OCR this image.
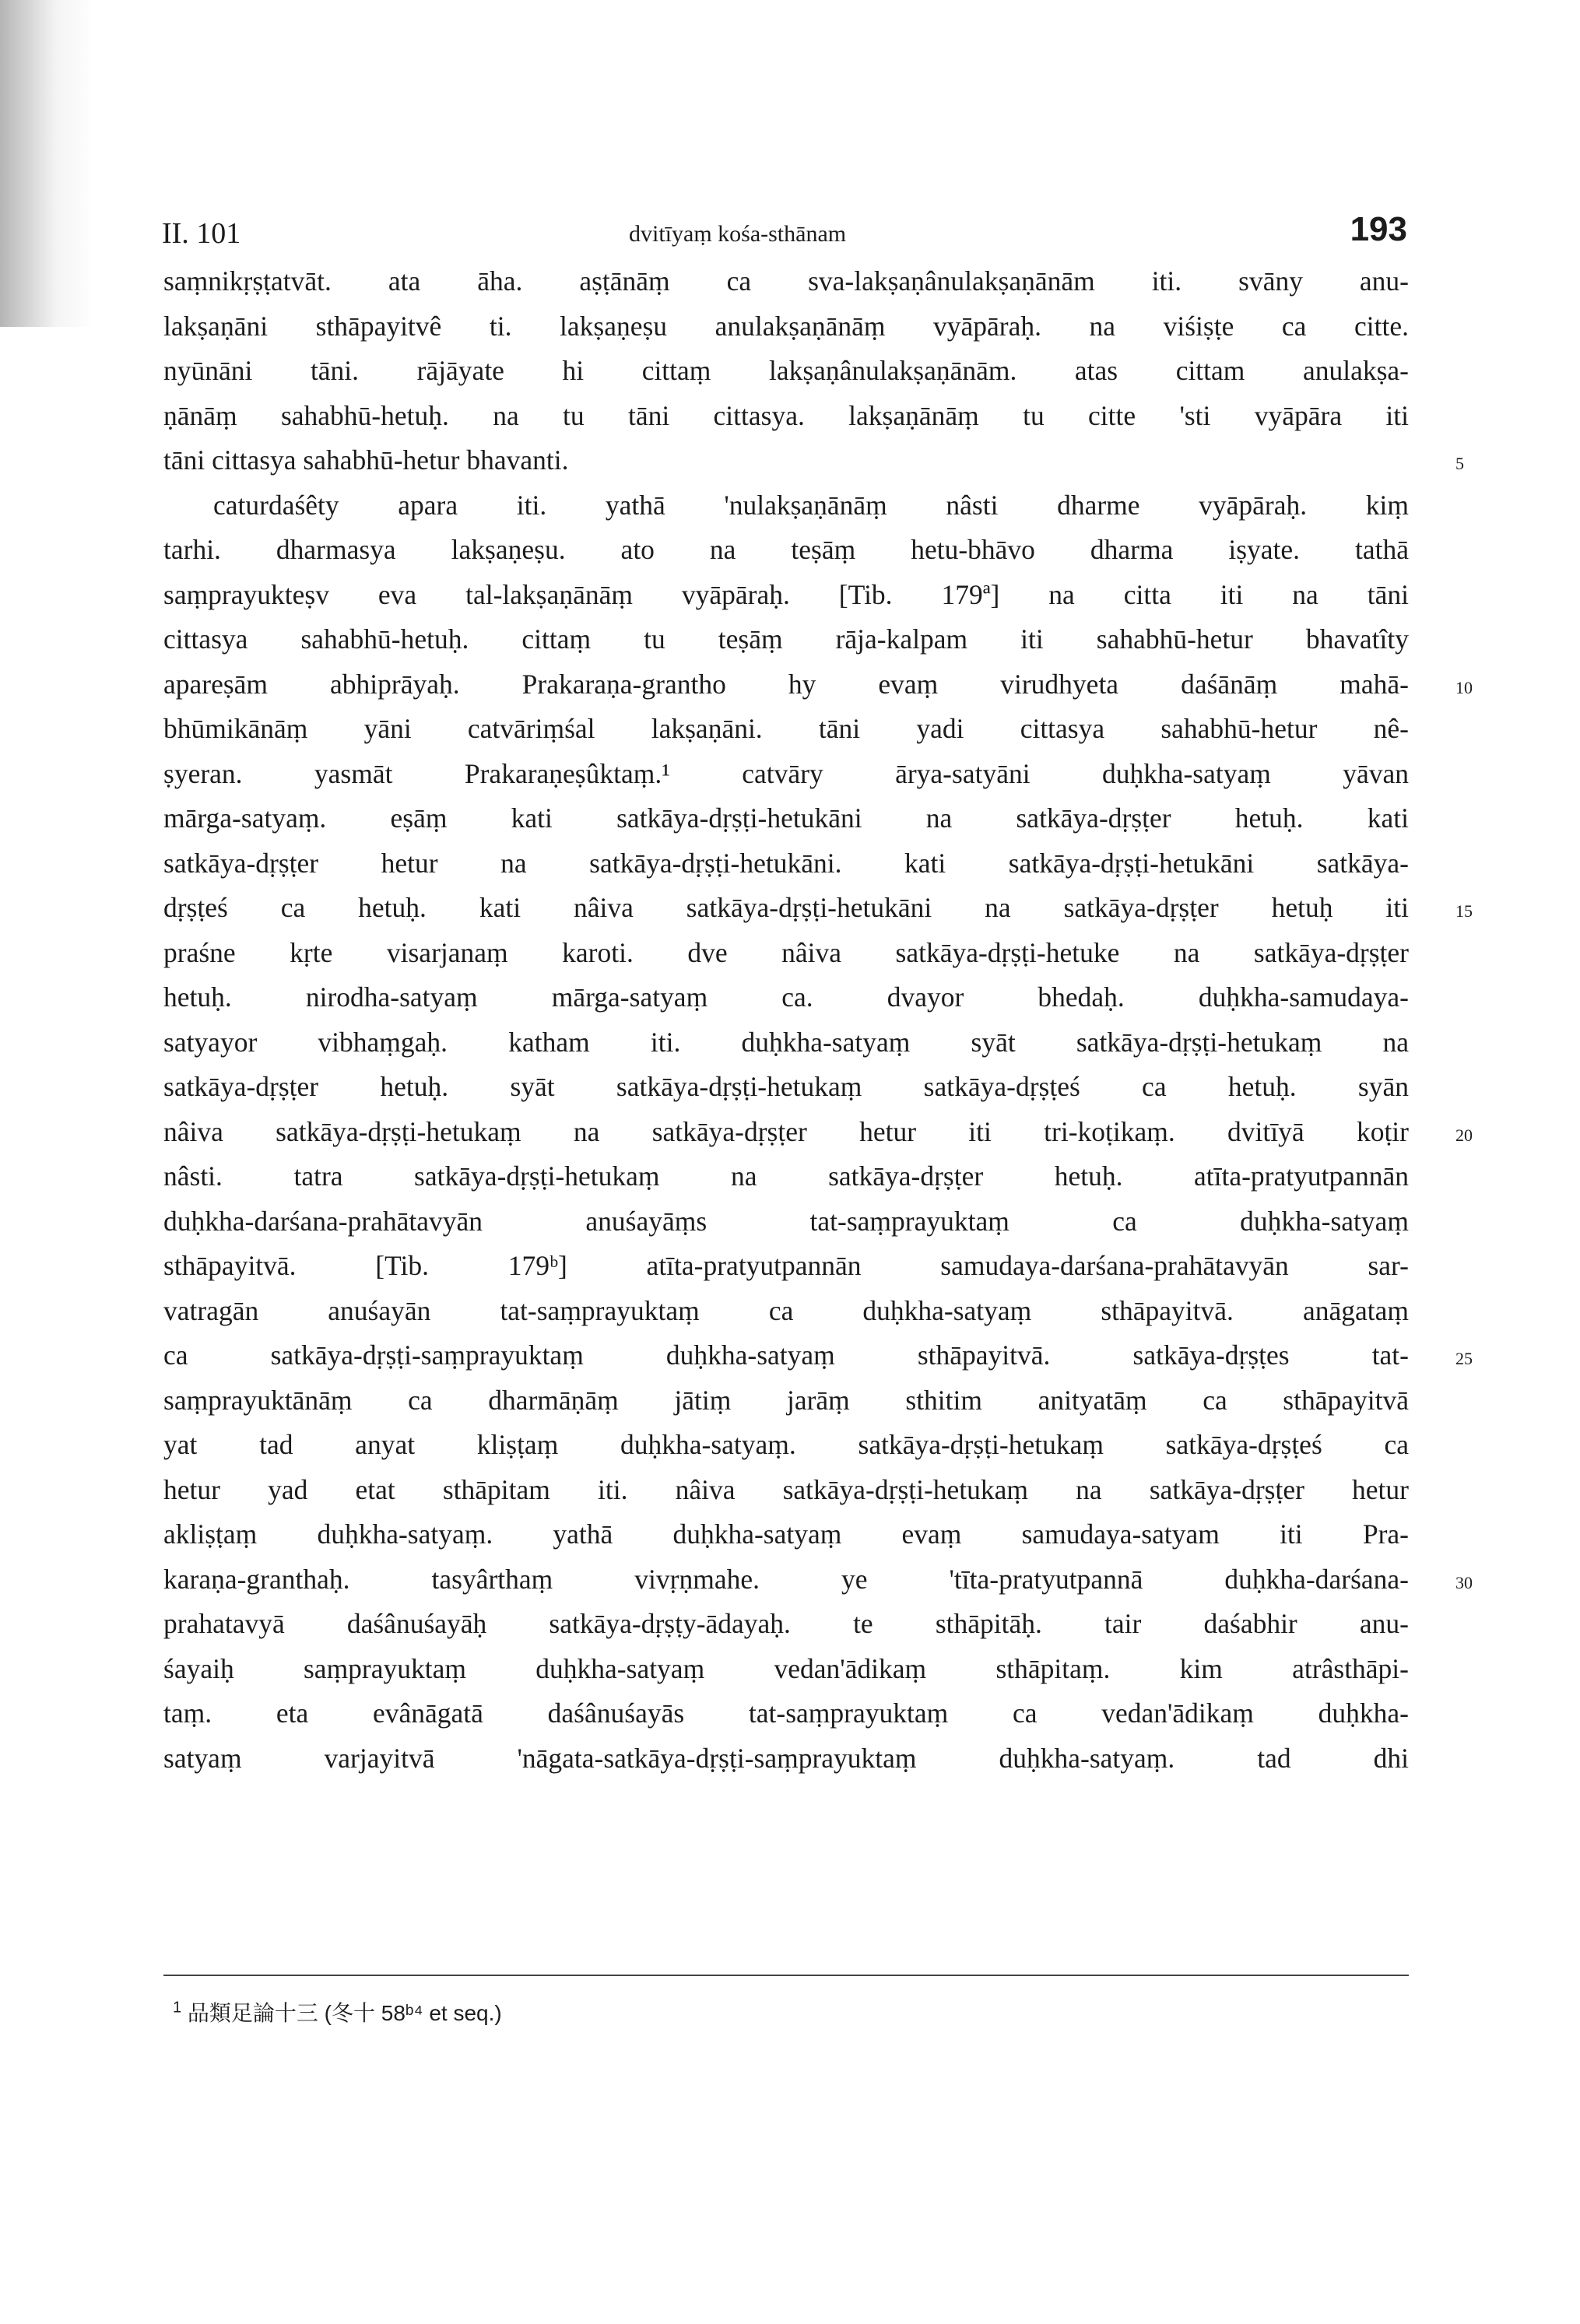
II. 101	dvitīyaṃ kośa-sthānam	193
saṃnikṛṣṭatvāt. ata āha. aṣṭānāṃ ca sva-lakṣaṇânulakṣaṇānām iti. svāny anu-
lakṣaṇāni sthāpayitvê ti. lakṣaṇeṣu anulakṣaṇānāṃ vyāpāraḥ. na viśiṣṭe ca citte.
nyūnāni tāni. rājāyate hi cittaṃ lakṣaṇânulakṣaṇānām. atas cittam anulakṣa-
ṇānāṃ sahabhū-hetuḥ. na tu tāni cittasya. lakṣaṇānāṃ tu citte 'sti vyāpāra iti
tāni cittasya sahabhū-hetur bhavanti.	5
caturdaśêty apara iti. yathā 'nulakṣaṇānāṃ nâsti dharme vyāpāraḥ. kiṃ
tarhi. dharmasya lakṣaṇeṣu. ato na teṣāṃ hetu-bhāvo dharma iṣyate. tathā
saṃprayukteṣv eva tal-lakṣaṇānāṃ vyāpāraḥ. [Tib. 179ª] na citta iti na tāni
cittasya sahabhū-hetuḥ. cittaṃ tu teṣāṃ rāja-kalpam iti sahabhū-hetur bhavatîty
apareṣām abhiprāyaḥ. Prakaraṇa-grantho hy evaṃ virudhyeta daśānāṃ mahā-	10
bhūmikānāṃ yāni catvāriṃśal lakṣaṇāni. tāni yadi cittasya sahabhū-hetur nê-
ṣyeran. yasmāt Prakaraṇeṣûktaṃ.¹ catvāry ārya-satyāni duḥkha-satyaṃ yāvan
mārga-satyaṃ. eṣāṃ kati satkāya-dṛṣṭi-hetukāni na satkāya-dṛṣṭer hetuḥ. kati
satkāya-dṛṣṭer hetur na satkāya-dṛṣṭi-hetukāni. kati satkāya-dṛṣṭi-hetukāni satkāya-
dṛṣṭeś ca hetuḥ. kati nâiva satkāya-dṛṣṭi-hetukāni na satkāya-dṛṣṭer hetuḥ iti	15
praśne kṛte visarjanaṃ karoti. dve nâiva satkāya-dṛṣṭi-hetuke na satkāya-dṛṣṭer
hetuḥ. nirodha-satyaṃ mārga-satyaṃ ca. dvayor bhedaḥ. duḥkha-samudaya-
satyayor vibhaṃgaḥ. katham iti. duḥkha-satyaṃ syāt satkāya-dṛṣṭi-hetukaṃ na
satkāya-dṛṣṭer hetuḥ. syāt satkāya-dṛṣṭi-hetukaṃ satkāya-dṛṣṭeś ca hetuḥ. syān
nâiva satkāya-dṛṣṭi-hetukaṃ na satkāya-dṛṣṭer hetur iti tri-koṭikaṃ. dvitīyā koṭir	20
nâsti. tatra satkāya-dṛṣṭi-hetukaṃ na satkāya-dṛṣṭer hetuḥ. atīta-pratyutpannān
duḥkha-darśana-prahātavyān anuśayāṃs tat-saṃprayuktaṃ ca duḥkha-satyaṃ
sthāpayitvā. [Tib. 179ᵇ] atīta-pratyutpannān samudaya-darśana-prahātavyān sar-
vatragān anuśayān tat-saṃprayuktaṃ ca duḥkha-satyaṃ sthāpayitvā. anāgataṃ
ca satkāya-dṛṣṭi-saṃprayuktaṃ duḥkha-satyaṃ sthāpayitvā. satkāya-dṛṣṭes tat-	25
saṃprayuktānāṃ ca dharmāṇāṃ jātiṃ jarāṃ sthitim anityatāṃ ca sthāpayitvā
yat tad anyat kliṣṭaṃ duḥkha-satyaṃ. satkāya-dṛṣṭi-hetukaṃ satkāya-dṛṣṭeś ca
hetur yad etat sthāpitam iti. nâiva satkāya-dṛṣṭi-hetukaṃ na satkāya-dṛṣṭer hetur
akliṣṭaṃ duḥkha-satyaṃ. yathā duḥkha-satyaṃ evaṃ samudaya-satyam iti Pra-
karaṇa-granthaḥ. tasyârthaṃ vivṛṇmahe. ye 'tīta-pratyutpannā duḥkha-darśana-	30
prahatavyā daśânuśayāḥ satkāya-dṛṣṭy-ādayaḥ. te sthāpitāḥ. tair daśabhir anu-
śayaiḥ saṃprayuktaṃ duḥkha-satyaṃ vedan'ādikaṃ sthāpitaṃ. kim atrâsthāpi-
taṃ. eta evânāgatā daśânuśayās tat-saṃprayuktaṃ ca vedan'ādikaṃ duḥkha-
satyaṃ varjayitvā 'nāgata-satkāya-dṛṣṭi-saṃprayuktaṃ duḥkha-satyaṃ. tad dhi
$^1$ 品類足論十三 (冬十 58ᵇ⁴ et seq.)
